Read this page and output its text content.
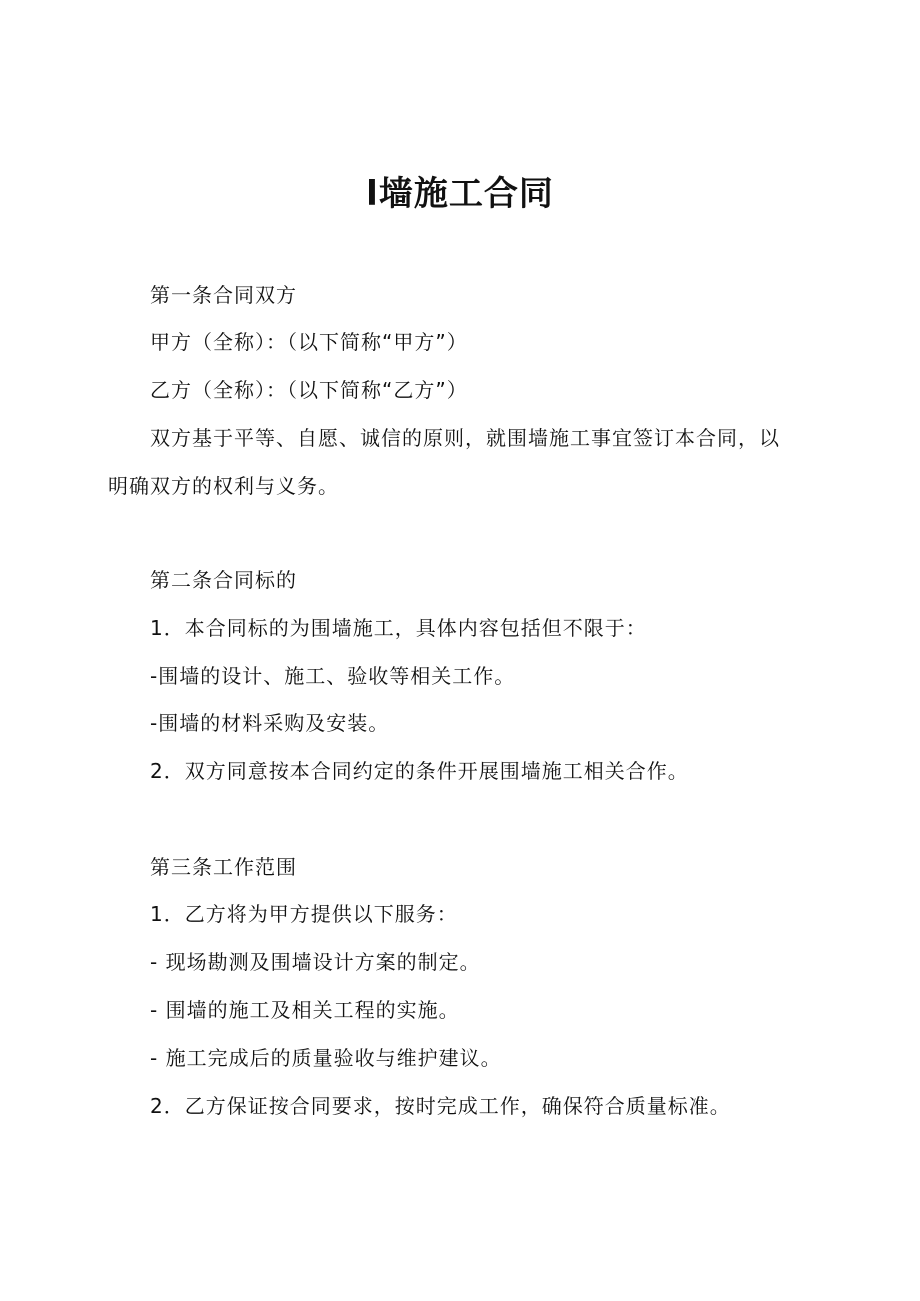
l墙施工合同
第一条合同双方
甲方（全称）：（以下简称“甲方”）
乙方（全称）：（以下简称“乙方”）
双方基于平等、自愿、诚信的原则，就围墙施工事宜签订本合同，以
明确双方的权利与义务。
第二条合同标的
1．本合同标的为围墙施工，具体内容包括但不限于：
-围墙的设计、施工、验收等相关工作。
-围墙的材料采购及安装。
2．双方同意按本合同约定的条件开展围墙施工相关合作。
第三条工作范围
1．乙方将为甲方提供以下服务：
- 现场勘测及围墙设计方案的制定。
- 围墙的施工及相关工程的实施。
- 施工完成后的质量验收与维护建议。
2．乙方保证按合同要求，按时完成工作，确保符合质量标准。
